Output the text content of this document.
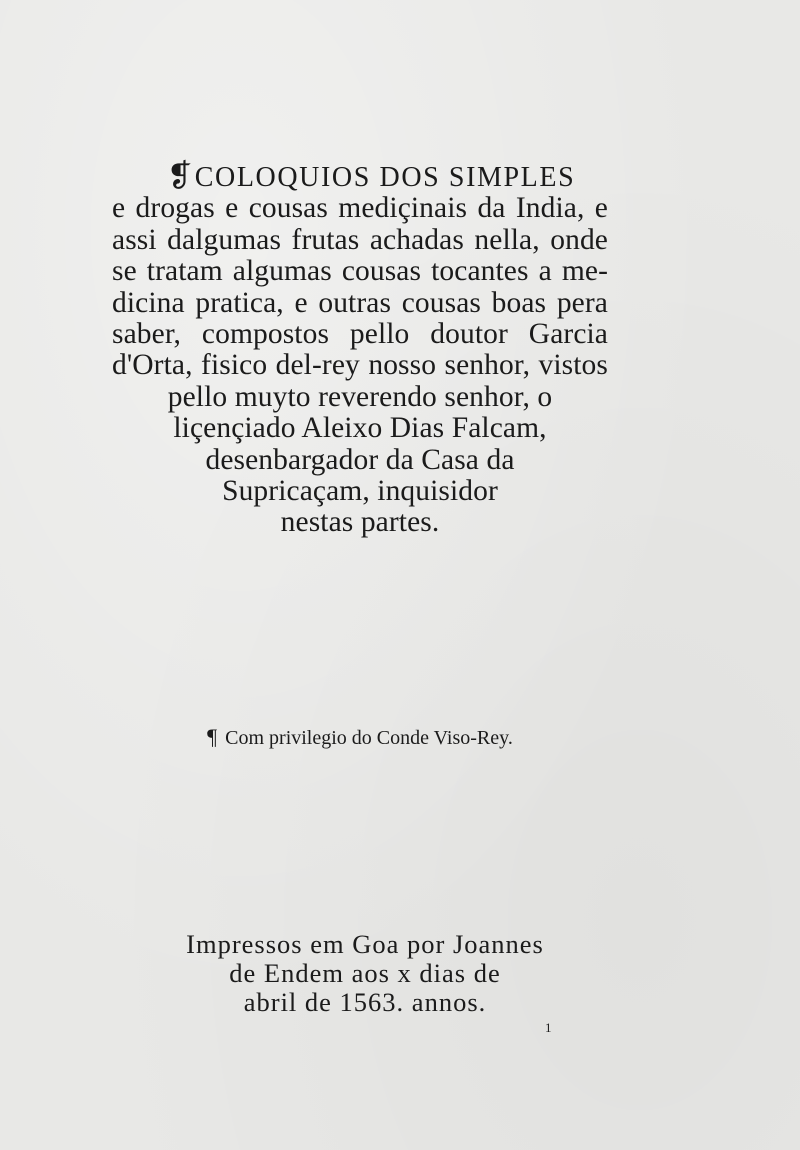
❡COLOQUIOS DOS SIMPLES
e drogas e cousas mediçinais da India, e
assi dalgumas frutas achadas nella, onde
se tratam algumas cousas tocantes a me-
dicina pratica, e outras cousas boas pera
saber, compostos pello doutor Garcia
d'Orta, fisico del-rey nosso senhor, vistos
pello muyto reverendo senhor, o
liçençiado Aleixo Dias Falcam,
desenbargador da Casa da
Supricaçam, inquisidor
nestas partes.
¶ Com privilegio do Conde Viso-Rey.
Impressos em Goa por Joannes
de Endem aos x dias de
abril de 1563. annos.
1
